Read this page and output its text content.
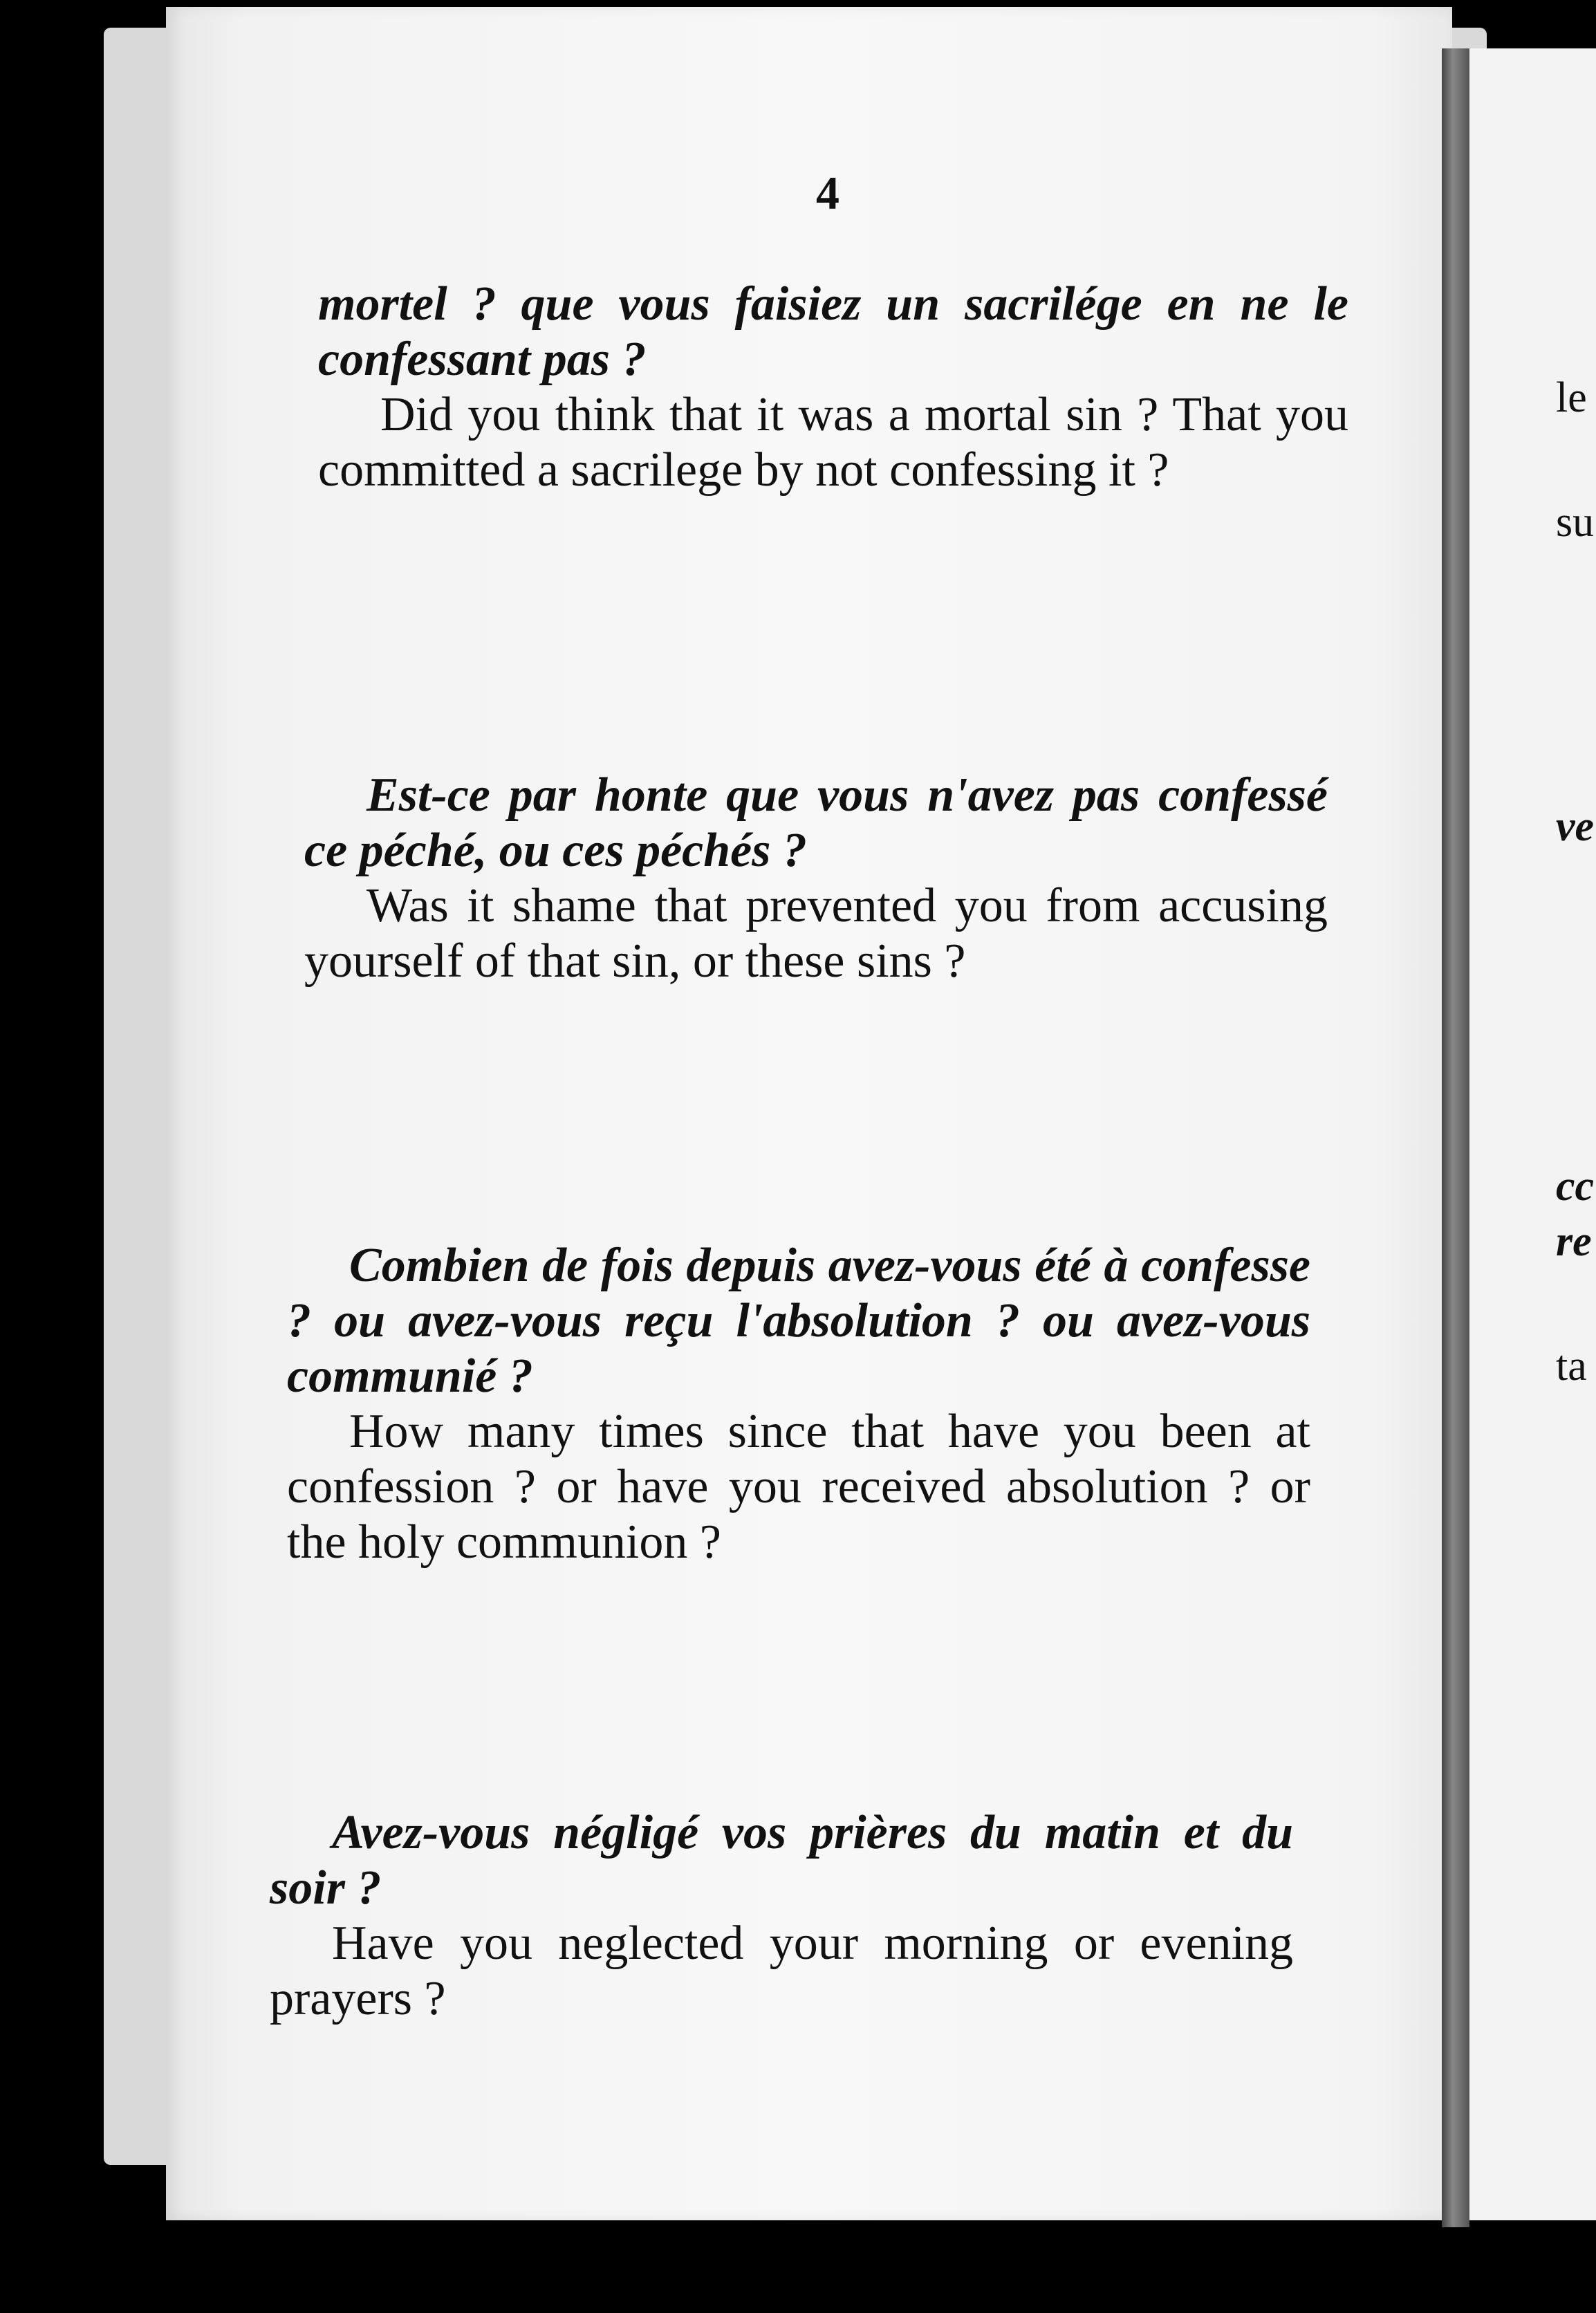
le
su
ve
cc
re
ta
4
mortel ? que vous faisiez un sacrilége en ne le confessant pas ?
Did you think that it was a mortal sin ? That you committed a sacrilege by not confessing it ?
Est-ce par honte que vous n'avez pas confessé ce péché, ou ces péchés ?
Was it shame that prevented you from accusing yourself of that sin, or these sins ?
Combien de fois depuis avez-vous été à confesse ? ou avez-vous reçu l'absolution ? ou avez-vous communié ?
How many times since that have you been at confession ? or have you received absolution ? or the holy communion ?
Avez-vous négligé vos prières du matin et du soir ?
Have you neglected your morning or evening prayers ?
